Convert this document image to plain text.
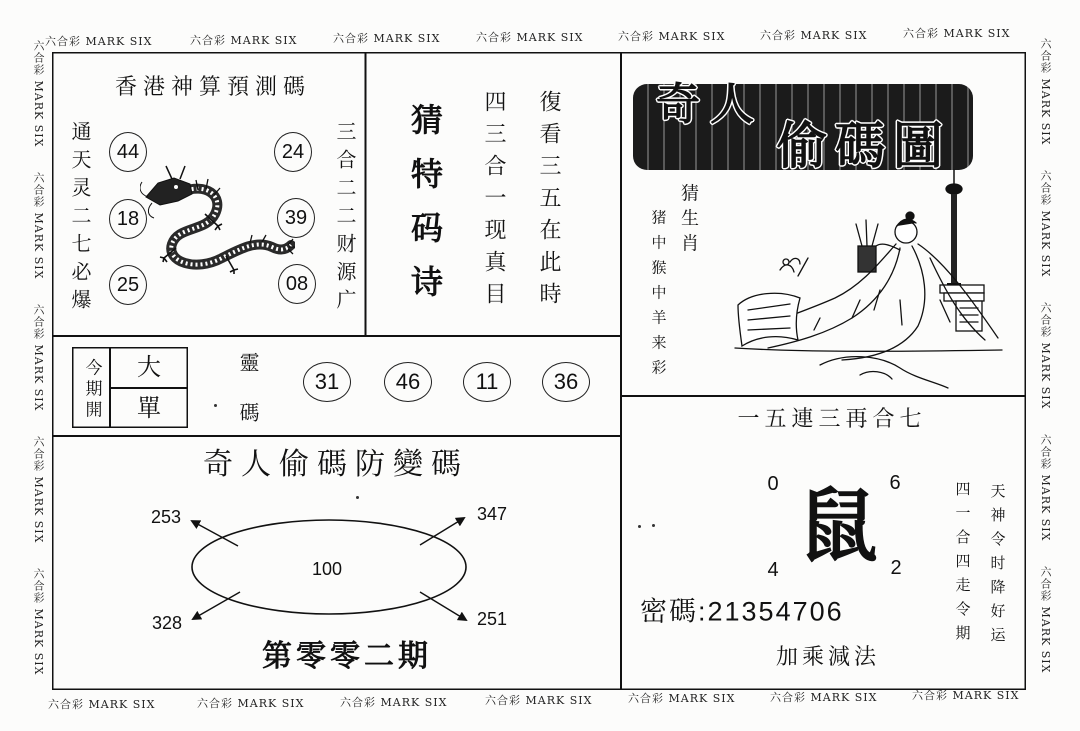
六合彩 MARK SIX	六合彩 MARK SIX	六合彩 MARK SIX	六合彩 MARK SIX	六合彩 MARK SIX	六合彩 MARK SIX	六合彩 MARK SIX
六合彩 MARK SIX	六合彩 MARK SIX	六合彩 MARK SIX	六合彩 MARK SIX	六合彩 MARK SIX	六合彩 MARK SIX	六合彩 MARK SIX
六合彩 MARK SIX
六合彩 MARK SIX
六合彩 MARK SIX
六合彩 MARK SIX
六合彩 MARK SIX
六合彩 MARK SIX
六合彩 MARK SIX
六合彩 MARK SIX
六合彩 MARK SIX
六合彩 MARK SIX
香港神算預測碼
通天灵二七必爆	三合二二财源广
44
18
25
24
39
08	猜特码诗 四三合一现真目 復看三五在此時 奇人
偷碼圖
猜生肖
猪中猴中羊来彩
今期開 大
單	靈碼	31	46	11	36
奇人偷碼防變碼
100
253	347
328	251
第零零二期
一五連三再合七
0	6
鼠
4	2	四一合四走令期 天神令时降好运
密碼:21354706
加乘減法
